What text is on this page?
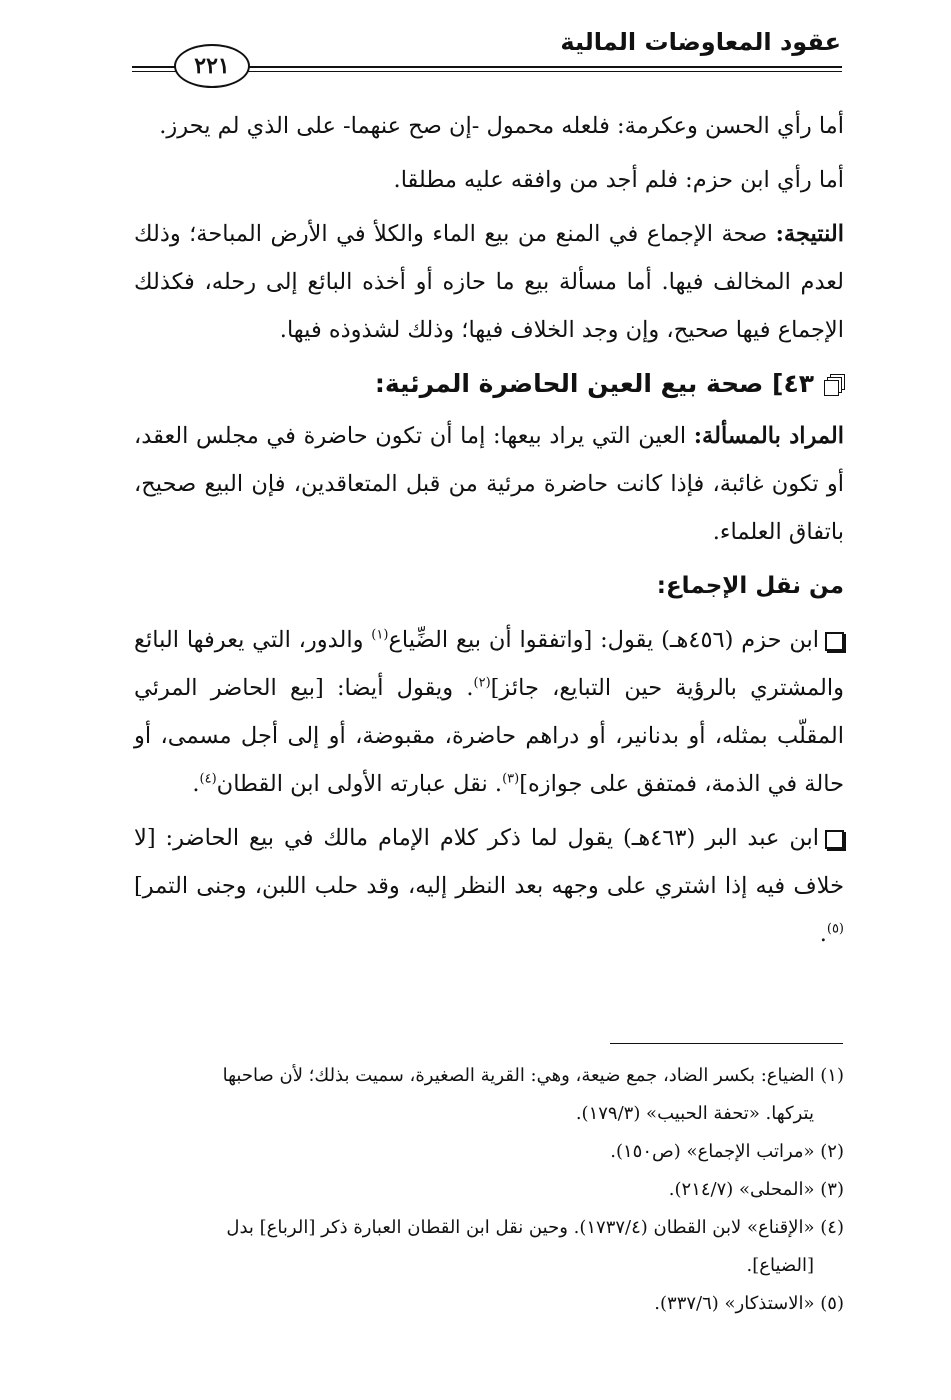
عقود المعاوضات المالية
٢٢١

أما رأي الحسن وعكرمة: فلعله محمول -إن صح عنهما- على الذي لم يحرز.

أما رأي ابن حزم: فلم أجد من وافقه عليه مطلقا.

النتيجة: صحة الإجماع في المنع من بيع الماء والكلأ في الأرض المباحة؛ وذلك لعدم المخالف فيها. أما مسألة بيع ما حازه أو أخذه البائع إلى رحله، فكذلك الإجماع فيها صحيح، وإن وجد الخلاف فيها؛ وذلك لشذوذه فيها.

٤٣] صحة بيع العين الحاضرة المرئية:

المراد بالمسألة: العين التي يراد بيعها: إما أن تكون حاضرة في مجلس العقد، أو تكون غائبة، فإذا كانت حاضرة مرئية من قبل المتعاقدين، فإن البيع صحيح، باتفاق العلماء.

من نقل الإجماع:

ابن حزم (٤٥٦هـ) يقول: [واتفقوا أن بيع الضِّياع$^{(١)}$ والدور، التي يعرفها البائع والمشتري بالرؤية حين التبايع، جائز]$^{(٢)}$. ويقول أيضا: [بيع الحاضر المرئي المقلّب بمثله، أو بدنانير، أو دراهم حاضرة، مقبوضة، أو إلى أجل مسمى، أو حالة في الذمة، فمتفق على جوازه]$^{(٣)}$. نقل عبارته الأولى ابن القطان$^{(٤)}$.

ابن عبد البر (٤٦٣هـ) يقول لما ذكر كلام الإمام مالك في بيع الحاضر: [لا خلاف فيه إذا اشتري على وجهه بعد النظر إليه، وقد حلب اللبن، وجنى التمر]$^{(٥)}$.

(١) الضياع: بكسر الضاد، جمع ضيعة، وهي: القرية الصغيرة، سميت بذلك؛ لأن صاحبها

يتركها. «تحفة الحبيب» (١٧٩/٣).

(٢) «مراتب الإجماع» (ص١٥٠).

(٣) «المحلى» (٢١٤/٧).

(٤) «الإقناع» لابن القطان (١٧٣٧/٤). وحين نقل ابن القطان العبارة ذكر [الرباع] بدل

[الضياع].

(٥) «الاستذكار» (٣٣٧/٦).
